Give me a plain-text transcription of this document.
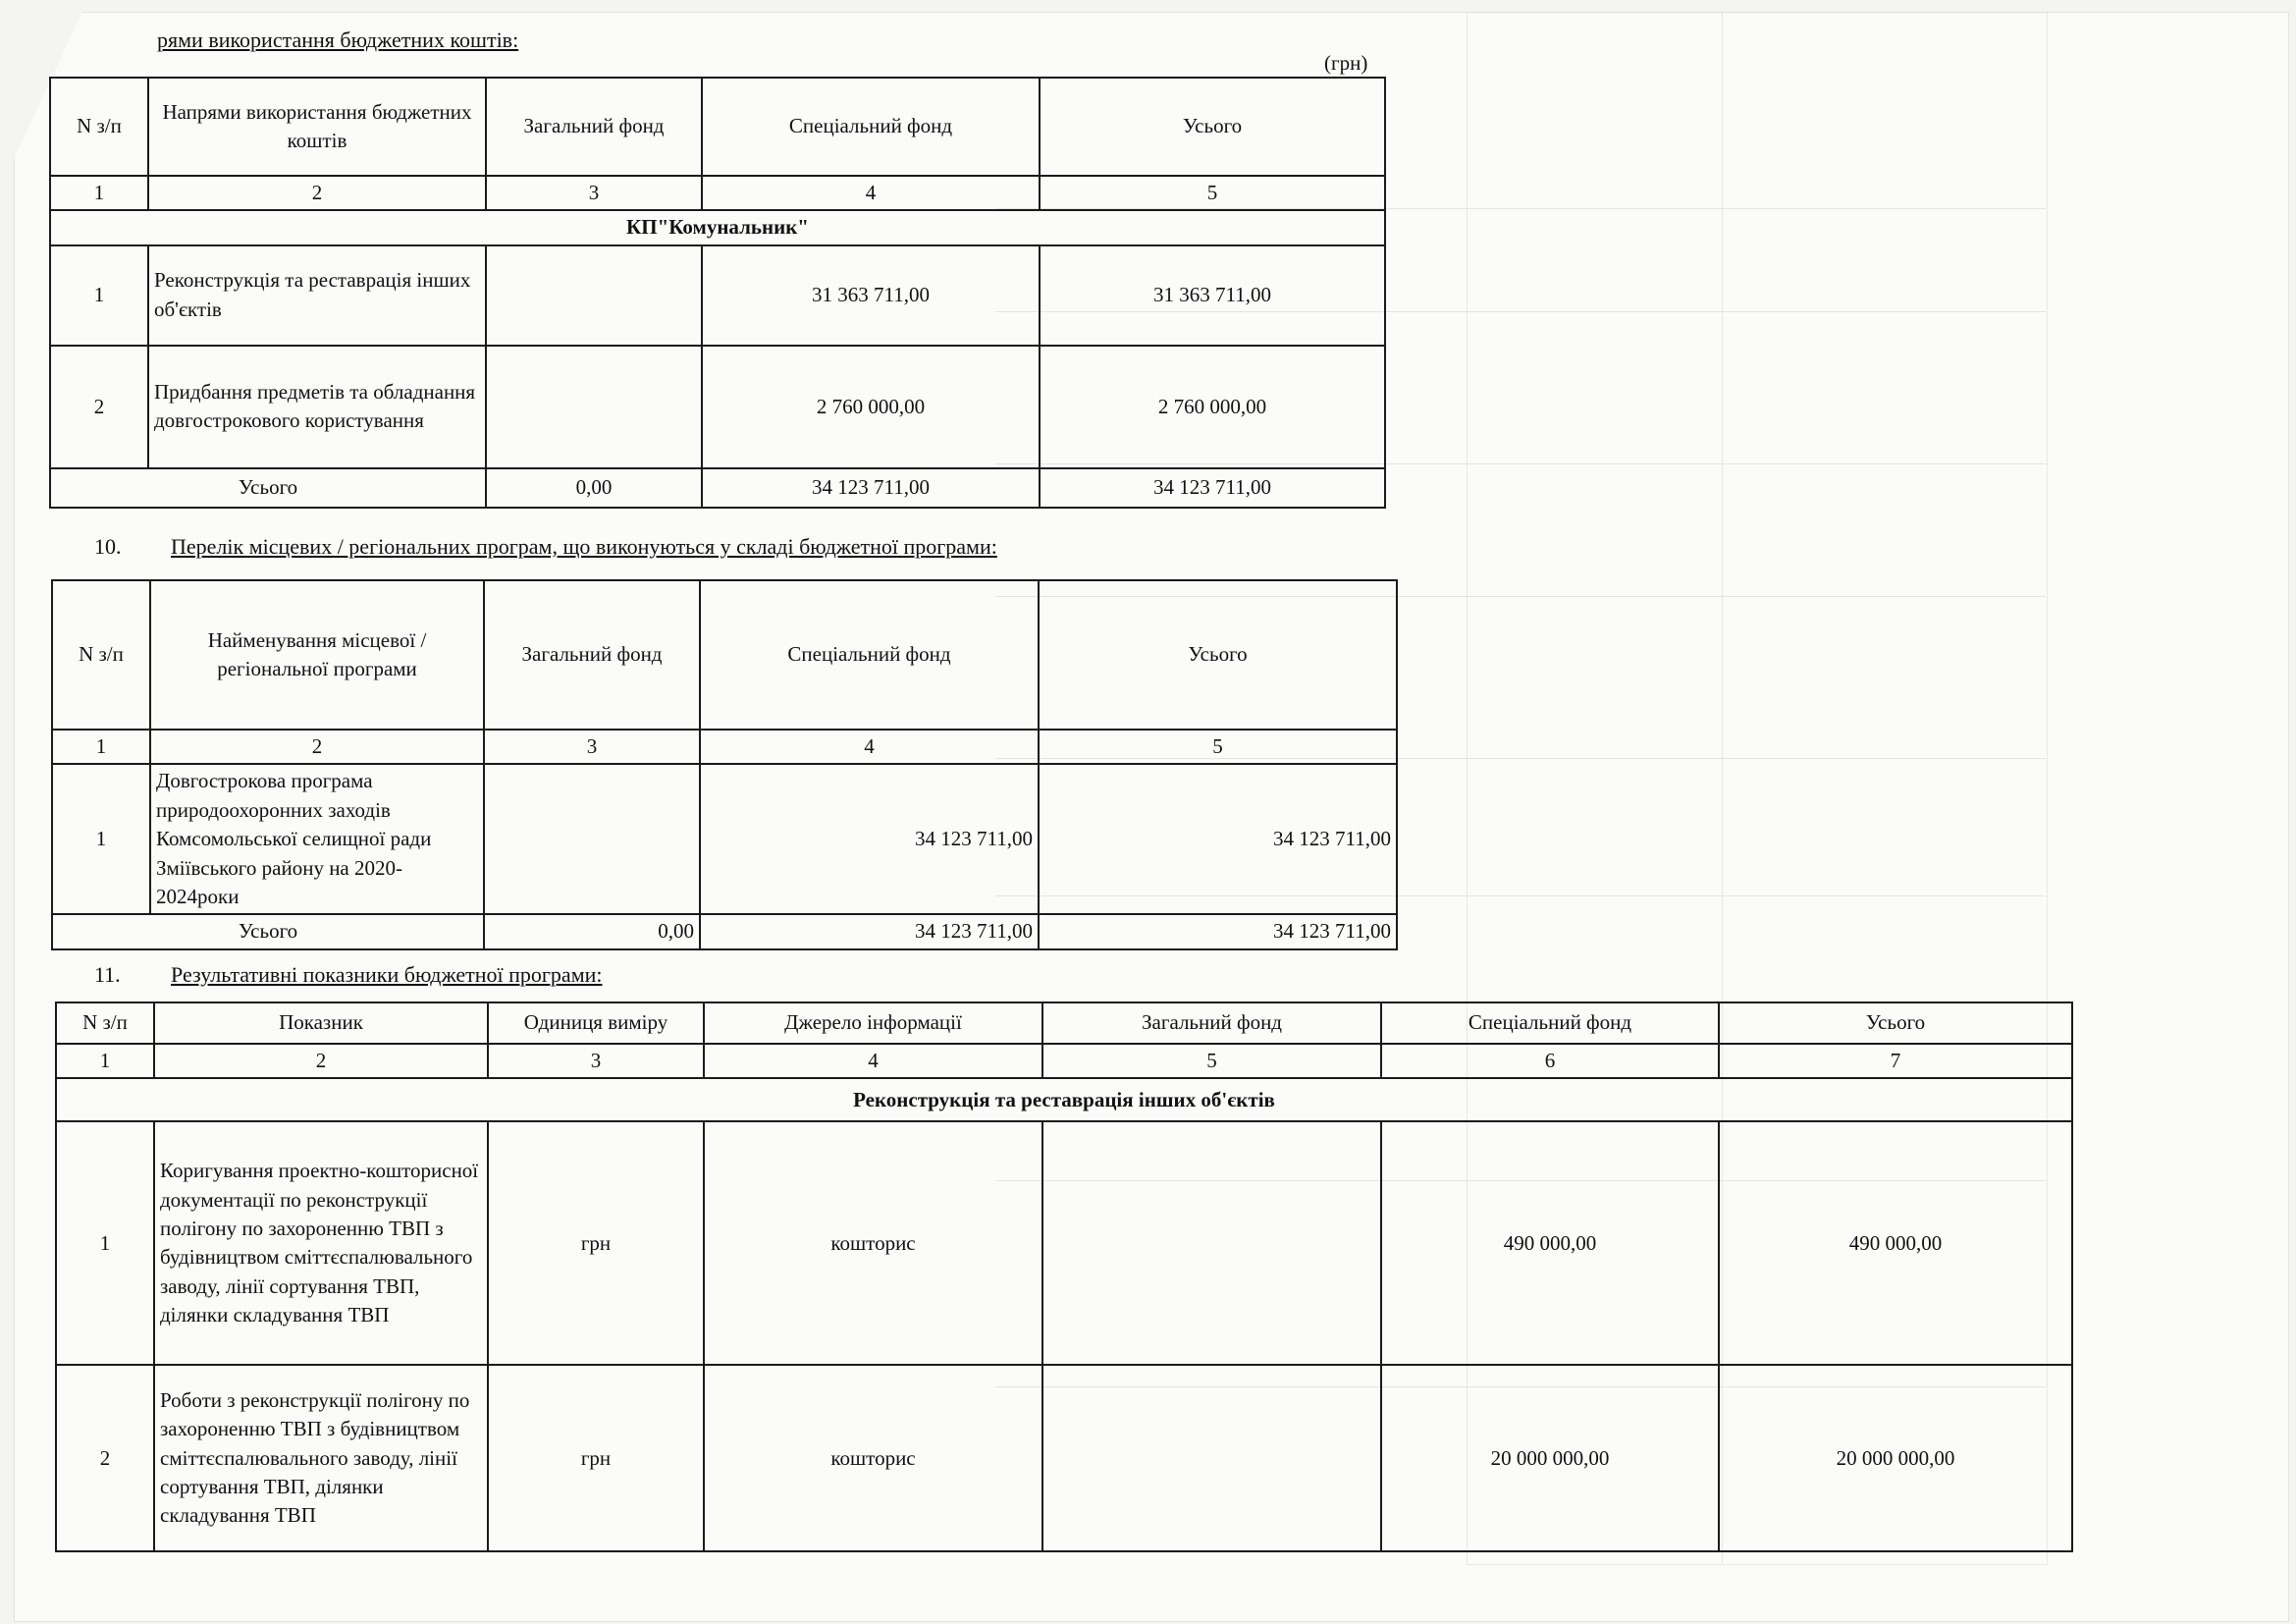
рями використання бюджетних коштів:
(грн)
N з/п	Напрями використання бюджетних коштів	Загальний фонд	Спеціальний фонд	Усього
1	2	3	4	5
КП"Комунальник"				
1	Реконструкція та реставрація інших об'єктів		31 363 711,00	31 363 711,00
2	Придбання предметів та обладнання довгострокового користування		2 760 000,00	2 760 000,00
Усього		0,00	34 123 711,00	34 123 711,00
10. Перелік місцевих / регіональних програм, що виконуються у складі бюджетної програми:
N з/п	Найменування місцевої / регіональної програми	Загальний фонд	Спеціальний фонд	Усього
1	2	3	4	5
1	Довгострокова програма природоохоронних заходів Комсомольської селищної ради Зміївського району на 2020-2024роки		34 123 711,00	34 123 711,00
Усього		0,00	34 123 711,00	34 123 711,00
11. Результативні показники бюджетної програми:
N з/п	Показник	Одиниця виміру	Джерело інформації	Загальний фонд	Спеціальний фонд	Усього
1	2	3	4	5	6	7
Реконструкція та реставрація інших об'єктів						
1	Коригування проектно-кошторисної документації по реконструкції полігону по захороненню ТВП з будівництвом сміттєспалювального заводу, лінії сортування ТВП, ділянки складування ТВП	грн	кошторис		490 000,00	490 000,00
2	Роботи з реконструкції полігону по захороненню ТВП з будівництвом сміттєспалювального заводу, лінії сортування ТВП, ділянки складування ТВП	грн	кошторис		20 000 000,00	20 000 000,00
